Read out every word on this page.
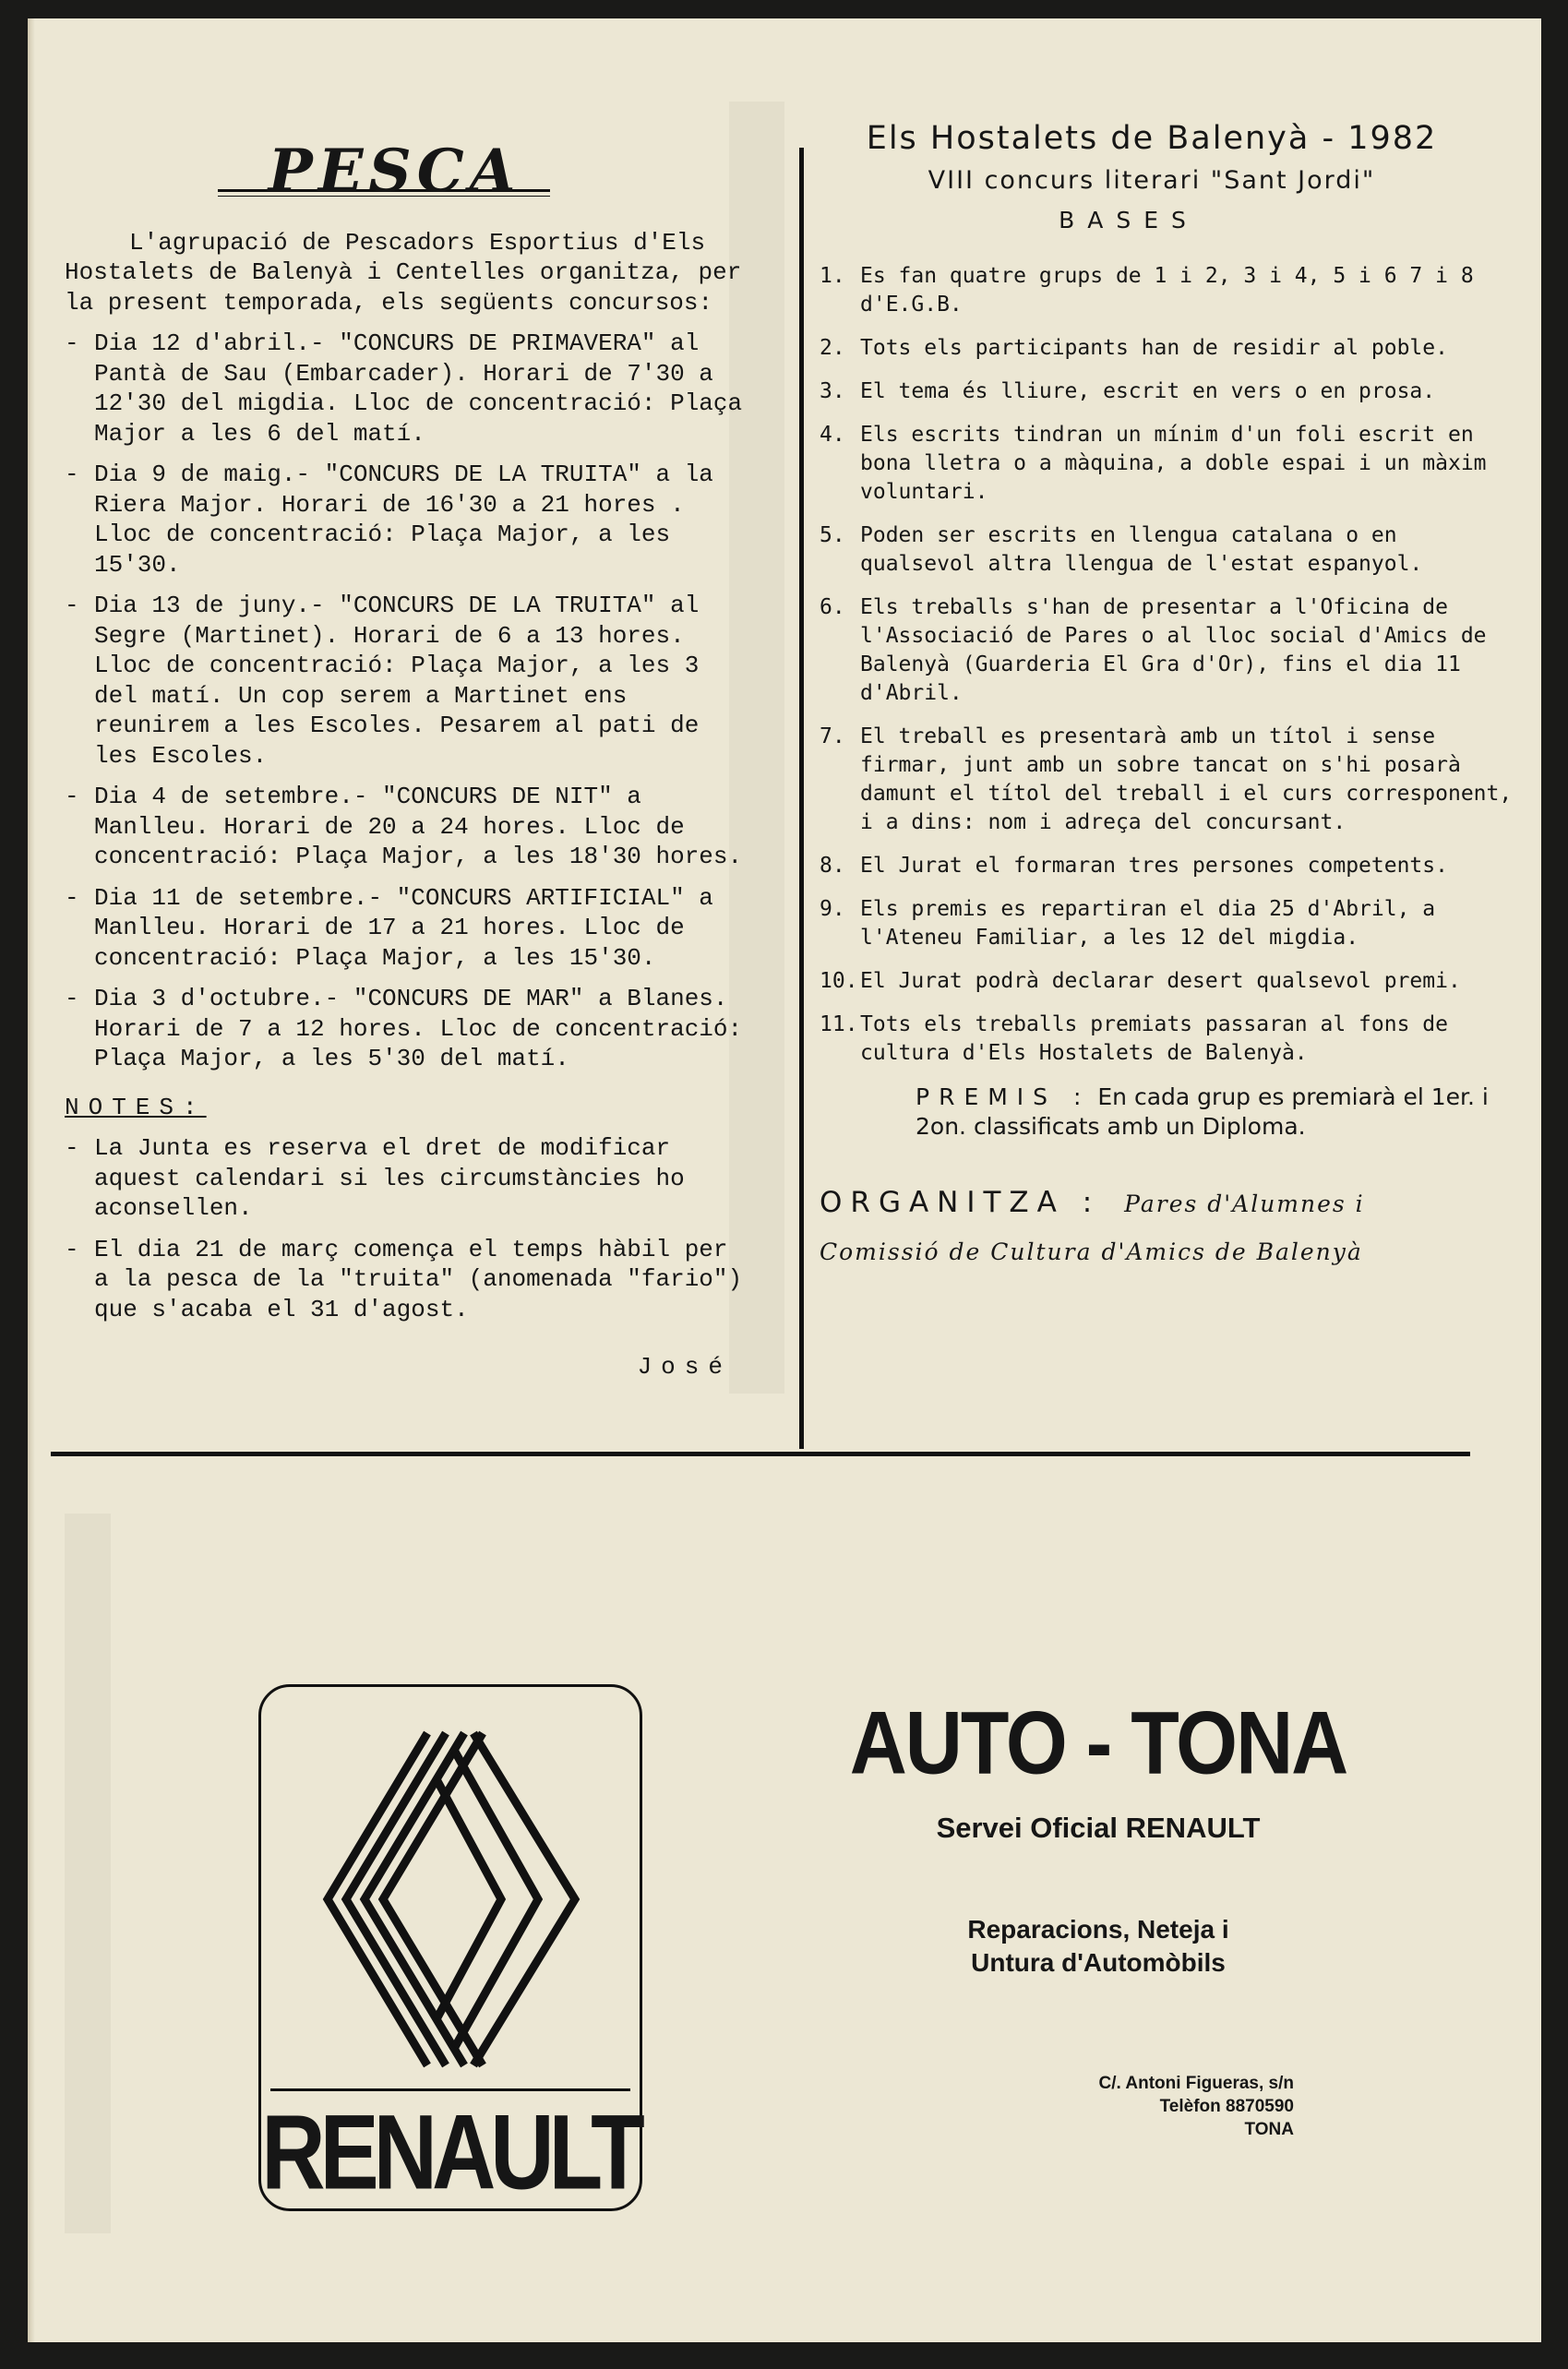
PESCA
L'agrupació de Pescadors Esportius d'Els Hostalets de Balenyà i Centelles organitza, per la present temporada, els següents concursos:
- Dia 12 d'abril.- "CONCURS DE PRIMAVERA" al Pantà de Sau (Embarcader). Horari de 7'30 a 12'30 del migdia. Lloc de concentració: Plaça Major a les 6 del matí.
- Dia 9 de maig.- "CONCURS DE LA TRUITA" a la Riera Major. Horari de 16'30 a 21 hores . Lloc de concentració: Plaça Major, a les 15'30.
- Dia 13 de juny.- "CONCURS DE LA TRUITA" al Segre (Martinet). Horari de 6 a 13 hores. Lloc de concentració: Plaça Major, a les 3 del matí. Un cop serem a Martinet ens reunirem a les Escoles. Pesarem al pati de les Escoles.
- Dia 4 de setembre.- "CONCURS DE NIT" a Manlleu. Horari de 20 a 24 hores. Lloc de concentració: Plaça Major, a les 18'30 hores.
- Dia 11 de setembre.- "CONCURS ARTIFICIAL" a Manlleu. Horari de 17 a 21 hores. Lloc de concentració: Plaça Major, a les 15'30.
- Dia 3 d'octubre.- "CONCURS DE MAR" a Blanes. Horari de 7 a 12 hores. Lloc de concentració: Plaça Major, a les 5'30 del matí.
NOTES:
- La Junta es reserva el dret de modificar aquest calendari si les circumstàncies ho aconsellen.
- El dia 21 de març comença el temps hàbil per a la pesca de la "truita" (anomenada "fario") que s'acaba el 31 d'agost.
José
Els Hostalets de Balenyà - 1982
VIII concurs literari "Sant Jordi"
BASES
1. Es fan quatre grups de 1 i 2, 3 i 4, 5 i 6 7 i 8 d'E.G.B.
2. Tots els participants han de residir al poble.
3. El tema és lliure, escrit en vers o en prosa.
4. Els escrits tindran un mínim d'un foli escrit en bona lletra o a màquina, a doble espai i un màxim voluntari.
5. Poden ser escrits en llengua catalana o en qualsevol altra llengua de l'estat espanyol.
6. Els treballs s'han de presentar a l'Oficina de l'Associació de Pares o al lloc social d'Amics de Balenyà (Guarderia El Gra d'Or), fins el dia 11 d'Abril.
7. El treball es presentarà amb un títol i sense firmar, junt amb un sobre tancat on s'hi posarà damunt el títol del treball i el curs corresponent, i a dins: nom i adreça del concursant.
8. El Jurat el formaran tres persones competents.
9. Els premis es repartiran el dia 25 d'Abril, a l'Ateneu Familiar, a les 12 del migdia.
10. El Jurat podrà declarar desert qualsevol premi.
11. Tots els treballs premiats passaran al fons de cultura d'Els Hostalets de Balenyà.
PREMIS : En cada grup es premiarà el 1er. i 2on. classificats amb un Diploma.
ORGANITZA : Pares d'Alumnes i
Comissió de Cultura d'Amics de Balenyà
RENAULT
AUTO - TONA
Servei Oficial RENAULT
Reparacions, Neteja i
Untura d'Automòbils
C/. Antoni Figueras, s/n
Telèfon 8870590
TONA
